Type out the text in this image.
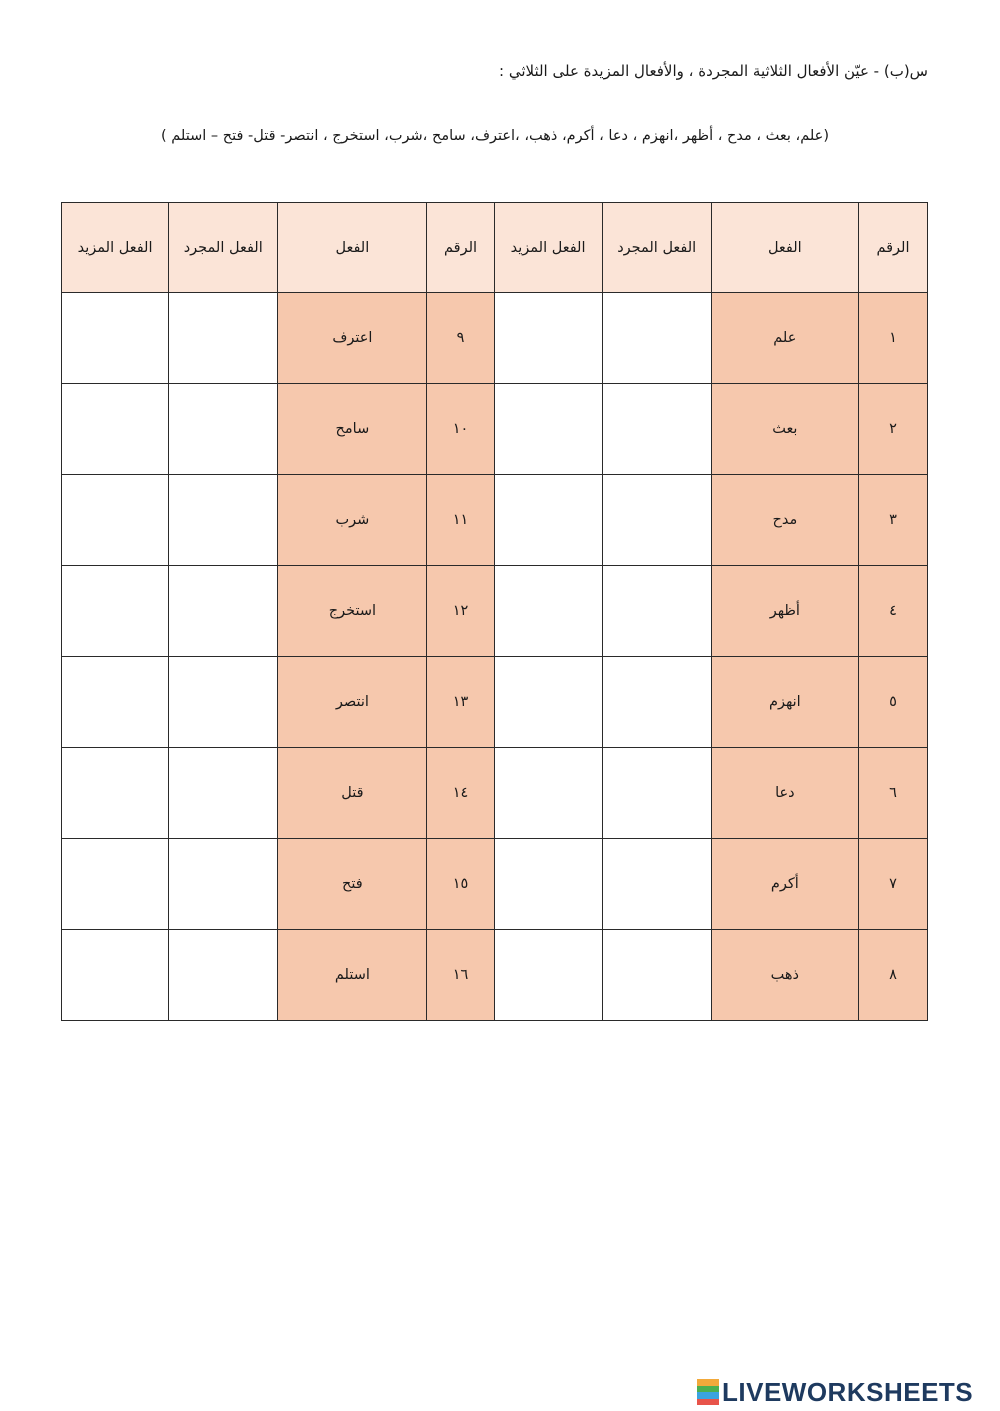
س(ب) - عيّن الأفعال الثلاثية المجردة ، والأفعال المزيدة على الثلاثي :
(علم، بعث ، مدح ، أظهر ،انهزم ، دعا ، أكرم، ذهب، ،اعترف، سامح ،شرب، استخرج ، انتصر- قتل- فتح – استلم )
الرقم	الفعل	الفعل المجرد	الفعل المزيد	الرقم	الفعل	الفعل المجرد	الفعل المزيد
١	علم			٩	اعترف		
٢	بعث			١٠	سامح		
٣	مدح			١١	شرب		
٤	أظهر			١٢	استخرج		
٥	انهزم			١٣	انتصر		
٦	دعا			١٤	قتل		
٧	أكرم			١٥	فتح		
٨	ذهب			١٦	استلم		
LIVEWORKSHEETS
